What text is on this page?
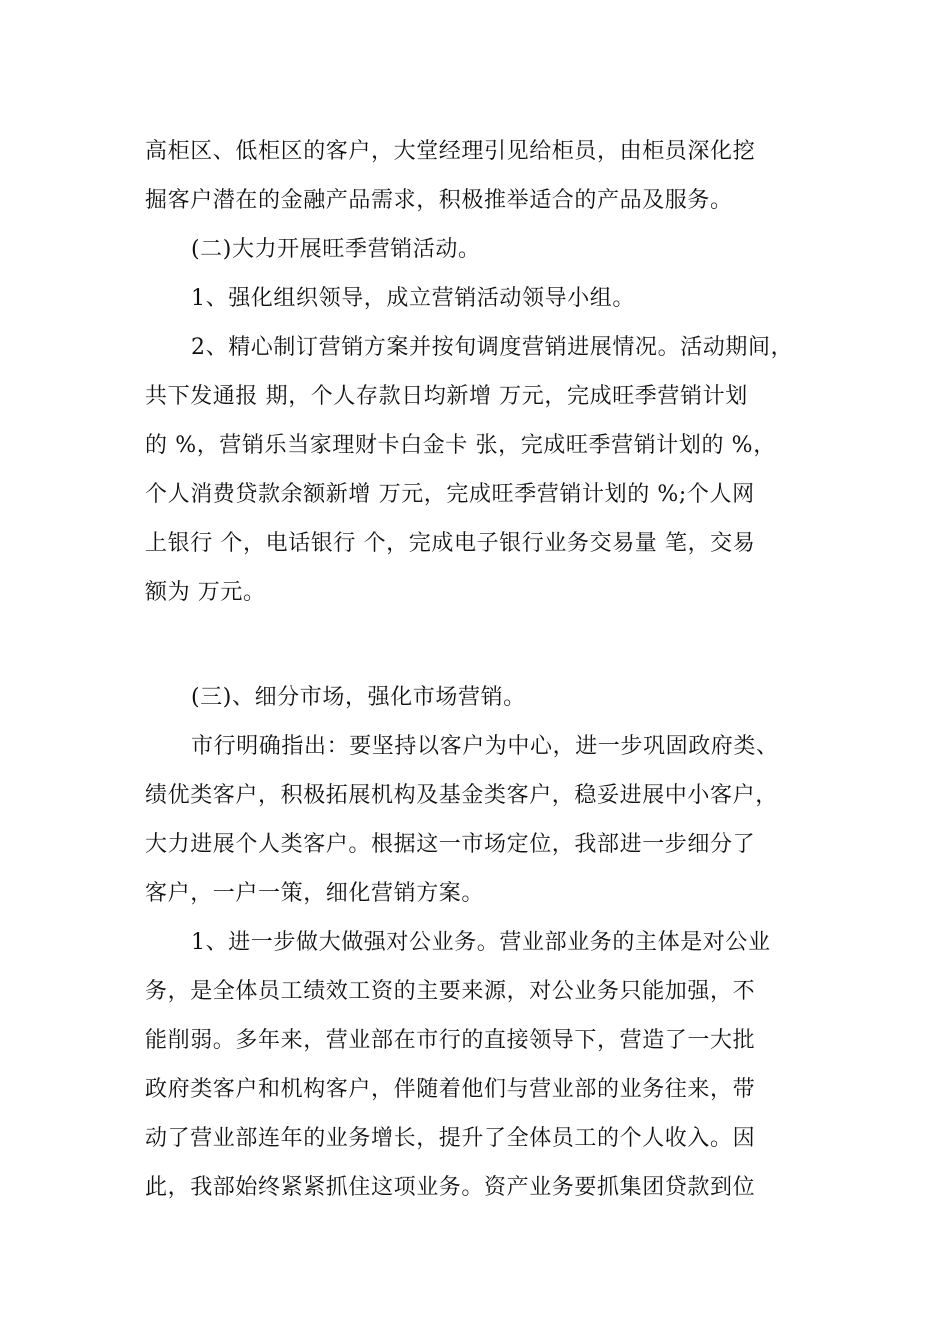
高柜区、低柜区的客户，大堂经理引见给柜员，由柜员深化挖
掘客户潜在的金融产品需求，积极推举适合的产品及服务。
(二)大力开展旺季营销活动。
1、强化组织领导，成立营销活动领导小组。
2、精心制订营销方案并按旬调度营销进展情况。活动期间，
共下发通报 期，个人存款日均新增 万元，完成旺季营销计划
的 %，营销乐当家理财卡白金卡 张，完成旺季营销计划的 %，
个人消费贷款余额新增 万元，完成旺季营销计划的 %;个人网
上银行 个，电话银行 个，完成电子银行业务交易量 笔，交易
额为 万元。
(三)、细分市场，强化市场营销。
市行明确指出：要坚持以客户为中心，进一步巩固政府类、
绩优类客户，积极拓展机构及基金类客户，稳妥进展中小客户，
大力进展个人类客户。根据这一市场定位，我部进一步细分了
客户，一户一策，细化营销方案。
1、进一步做大做强对公业务。营业部业务的主体是对公业
务，是全体员工绩效工资的主要来源，对公业务只能加强，不
能削弱。多年来，营业部在市行的直接领导下，营造了一大批
政府类客户和机构客户，伴随着他们与营业部的业务往来，带
动了营业部连年的业务增长，提升了全体员工的个人收入。因
此，我部始终紧紧抓住这项业务。资产业务要抓集团贷款到位
